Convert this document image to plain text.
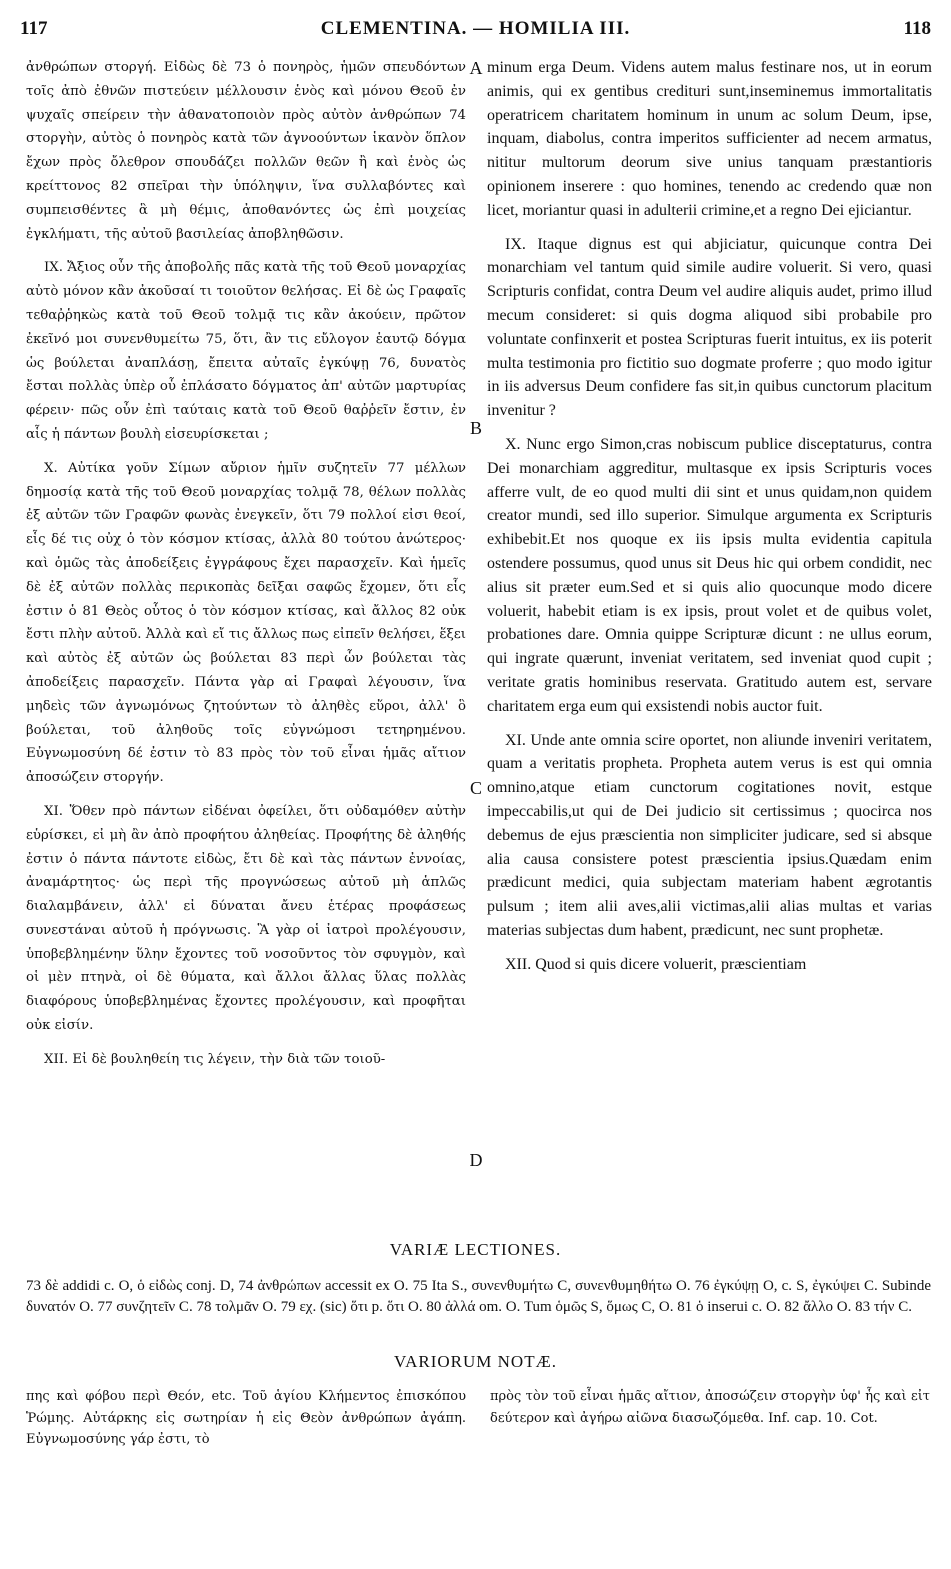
117	CLEMENTINA. — HOMILIA III.	118

ἀνθρώπων στοργή. Εἰδὼς δὲ 73 ὁ πονηρὸς, ἡμῶν σπευδόντων τοῖς ἀπὸ ἐθνῶν πιστεύειν μέλλουσιν ἑνὸς καὶ μόνου Θεοῦ ἐν ψυχαῖς σπείρειν τὴν ἀθανατοποιὸν πρὸς αὐτὸν ἀνθρώπων 74 στοργὴν, αὐτὸς ὁ πονηρὸς κατὰ τῶν ἀγνοούντων ἱκανὸν ὅπλον ἔχων πρὸς ὄλεθρον σπουδάζει πολλῶν θεῶν ἢ καὶ ἑνὸς ὡς κρείττονος 82 σπεῖραι τὴν ὑπόληψιν, ἵνα συλλαβόντες καὶ συμπεισθέντες ἃ μὴ θέμις, ἀποθανόντες ὡς ἐπὶ μοιχείας ἐγκλήματι, τῆς αὐτοῦ βασιλείας ἀποβληθῶσιν.

IX. Ἄξιος οὖν τῆς ἀποβολῆς πᾶς κατὰ τῆς τοῦ Θεοῦ μοναρχίας αὐτὸ μόνον κἂν ἀκοῦσαί τι τοιοῦτον θελήσας. Εἰ δὲ ὡς Γραφαῖς τεθαῤῥηκὼς κατὰ τοῦ Θεοῦ τολμᾷ τις κἂν ἀκούειν, πρῶτον ἐκεῖνό μοι συνενθυμείτω 75, ὅτι, ἂν τις εὔλογον ἑαυτῷ δόγμα ὡς βούλεται ἀναπλάσῃ, ἔπειτα αὐταῖς ἐγκύψῃ 76, δυνατὸς ἔσται πολλὰς ὑπὲρ οὗ ἐπλάσατο δόγματος ἀπ' αὐτῶν μαρτυρίας φέρειν· πῶς οὖν ἐπὶ ταύταις κατὰ τοῦ Θεοῦ θαῤῥεῖν ἔστιν, ἐν αἷς ἡ πάντων βουλὴ εἰσευρίσκεται ;

X. Αὐτίκα γοῦν Σίμων αὔριον ἡμῖν συζητεῖν 77 μέλλων δημοσίᾳ κατὰ τῆς τοῦ Θεοῦ μοναρχίας τολμᾷ 78, θέλων πολλὰς ἐξ αὐτῶν τῶν Γραφῶν φωνὰς ἐνεγκεῖν, ὅτι 79 πολλοί εἰσι θεοί, εἷς δέ τις οὐχ ὁ τὸν κόσμον κτίσας, ἀλλὰ 80 τούτου ἀνώτερος· καὶ ὁμῶς τὰς ἀποδείξεις ἐγγράφους ἔχει παρασχεῖν. Καὶ ἡμεῖς δὲ ἐξ αὐτῶν πολλὰς περικοπὰς δεῖξαι σαφῶς ἔχομεν, ὅτι εἷς ἐστιν ὁ 81 Θεὸς οὗτος ὁ τὸν κόσμον κτίσας, καὶ ἄλλος 82 οὐκ ἔστι πλὴν αὐτοῦ. Ἀλλὰ καὶ εἴ τις ἄλλως πως εἰπεῖν θελήσει, ἕξει καὶ αὐτὸς ἐξ αὐτῶν ὡς βούλεται 83 περὶ ὧν βούλεται τὰς ἀποδείξεις παρασχεῖν. Πάντα γὰρ αἱ Γραφαὶ λέγουσιν, ἵνα μηδεὶς τῶν ἀγνωμόνως ζητούντων τὸ ἀληθὲς εὕροι, ἀλλ' ὃ βούλεται, τοῦ ἀληθοῦς τοῖς εὐγνώμοσι τετηρημένου. Εὐγνωμοσύνη δέ ἐστιν τὸ 83 πρὸς τὸν τοῦ εἶναι ἡμᾶς αἴτιον ἀποσώζειν στοργήν.

XI. Ὅθεν πρὸ πάντων εἰδέναι ὀφείλει, ὅτι οὐδαμόθεν αὐτὴν εὑρίσκει, εἰ μὴ ἂν ἀπὸ προφήτου ἀληθείας. Προφήτης δὲ ἀληθής ἐστιν ὁ πάντα πάντοτε εἰδὼς, ἔτι δὲ καὶ τὰς πάντων ἐννοίας, ἀναμάρτητος· ὡς περὶ τῆς προγνώσεως αὐτοῦ μὴ ἁπλῶς διαλαμβάνειν, ἀλλ' εἰ δύναται ἄνευ ἑτέρας προφάσεως συνεστάναι αὐτοῦ ἡ πρόγνωσις. Ἃ γὰρ οἱ ἰατροὶ προλέγουσιν, ὑποβεβλημένην ὕλην ἔχοντες τοῦ νοσοῦντος τὸν σφυγμὸν, καὶ οἱ μὲν πτηνὰ, οἱ δὲ θύματα, καὶ ἄλλοι ἄλλας ὕλας πολλὰς διαφόρους ὑποβεβλημένας ἔχοντες προλέγουσιν, καὶ προφῆται οὐκ εἰσίν.

XII. Εἰ δὲ βουληθείη τις λέγειν, τὴν διὰ τῶν τοιοῦ-

A
B
C
D

minum erga Deum. Videns autem malus festinare nos, ut in eorum animis, qui ex gentibus crediturі sunt,inseminemus immortalitatis operatricem charitatem hominum in unum ac solum Deum, ipse, inquam, diabolus, contra imperitos sufficienter ad necem armatus, nititur multorum deorum sive unius tanquam præstantioris opinionem inserere : quo homines, tenendo ac credendo quæ non licet, moriantur quasi in adulterii crimine,et a regno Dei ejiciantur.

IX. Itaque dignus est qui abjiciatur, quicunque contra Dei monarchiam vel tantum quid simile audire voluerit. Si vero, quasi Scripturis confidat, contra Deum vel audire aliquis audet, primo illud mecum consideret: si quis dogma aliquod sibi probabile pro voluntate confinxerit et postea Scripturas fuerit intuitus, ex iis poterit multa testimonia pro fictitio suo dogmate proferre ; quo modo igitur in iis adversus Deum confidere fas sit,in quibus cunctorum placitum invenitur ?

X. Nunc ergo Simon,cras nobiscum publice disceptaturus, contra Dei monarchiam aggreditur, multasque ex ipsis Scripturis voces afferre vult, de eo quod multi dii sint et unus quidam,non quidem creator mundi, sed illo superior. Simulque argumenta ex Scripturis exhibebit.Et nos quoque ex iis ipsis multa evidentia capitula ostendere possumus, quod unus sit Deus hic qui orbem condidit, nec alius sit præter eum.Sed et si quis alio quocunque modo dicere voluerit, habebit etiam is ex ipsis, prout volet et de quibus volet, probationes dare. Omnia quippe Scripturæ dicunt : ne ullus eorum, qui ingrate quærunt, inveniat veritatem, sed inveniat quod cupit ; veritate gratis hominibus reservata. Gratitudo autem est, servare charitatem erga eum qui exsistendi nobis auctor fuit.

XI. Unde ante omnia scire oportet, non aliunde inveniri veritatem, quam a veritatis propheta. Propheta autem verus is est qui omnia omnino,atque etiam cunctorum cogitationes novit, estque impeccabilis,ut qui de Dei judicio sit certissimus ; quocirca nos debemus de ejus præscientia non simpliciter judicare, sed si absque alia causa consistere potest præscientia ipsius.Quædam enim prædicunt medici, quia subjectam materiam habent ægrotantis pulsum ; item alii aves,alii victimas,alii alias multas et varias materias subjectas dum habent, prædicunt, nec sunt prophetæ.

XII. Quod si quis dicere voluerit, præscientiam

VARIÆ LECTIONES.
73 δὲ addidi c. O, ὁ εἰδὼς conj. D, 74 ἀνθρώπων accessit ex O. 75 Ita S., συνενθυμήτω C, συνενθυμηθήτω O. 76 ἐγκύψῃ O, c. S, ἐγκύψει C. Subinde δυνατόν O. 77 συνζητεῖν C. 78 τολμᾶν O. 79 εχ. (sic) ὅτι p. ὅτι O. 80 ἀλλά om. O. Tum ὁμῶς S, ὅμως C, O. 81 ὁ inserui c. O. 82 ἄλλο O. 83 τήν C.
VARIORUM NOTÆ.
πης καὶ φόβου περὶ Θεόν, etc. Τοῦ ἁγίου Κλήμεντος ἐπισκόπου Ῥώμης. Αὐτάρκης εἰς σωτηρίαν ἡ εἰς Θεὸν ἀνθρώπων ἀγάπη. Εὐγνωμοσύνης γάρ ἐστι, τὸ
πρὸς τὸν τοῦ εἶναι ἡμᾶς αἴτιον, ἀποσώζειν στοργὴν ὑφ' ἧς καὶ εἰτ δεύτερον καὶ ἀγήρω αἰῶνα διασωζόμεθα. Inf. cap. 10. Cot.
